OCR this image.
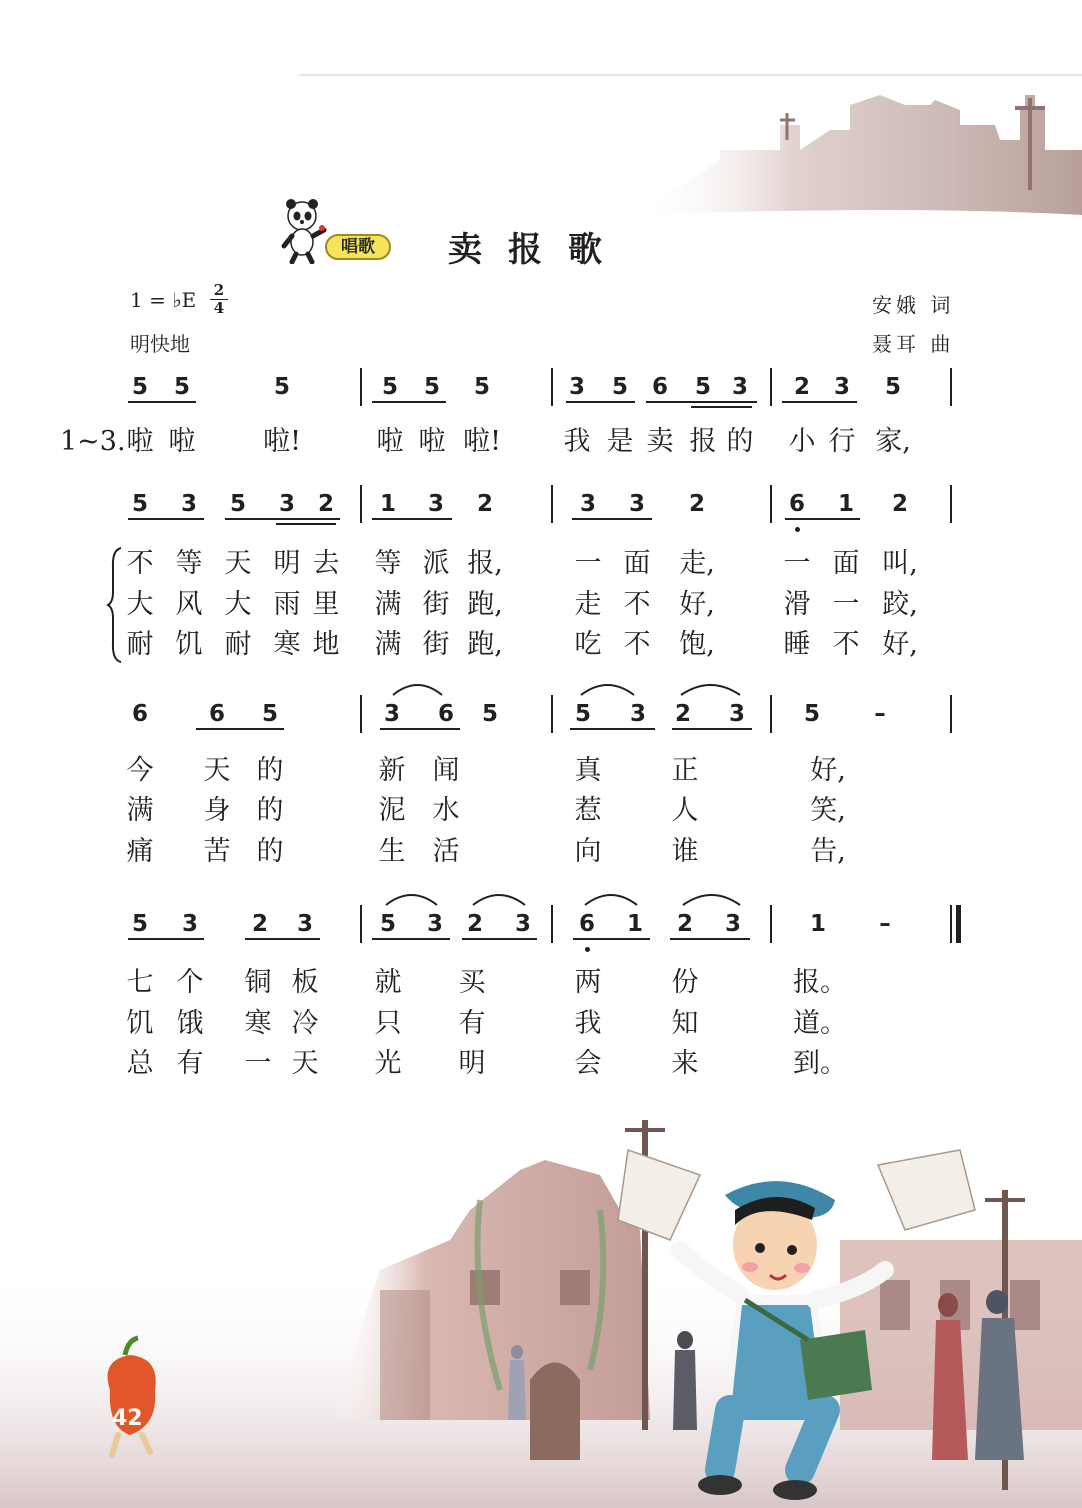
唱歌	卖报歌
1 = ♭E	2
4
明快地
安娥 词
聂耳 曲
5 5	5	5 5 5	3 5 6 5 3 2 3 5
啦 啦	啦!	啦 啦 啦! 我 是 卖 报 的 小 行 家,
5 3 5 3 2 1 3 2	3 3 2	6 1 2
不 等 天 明 去 等 派 报,	一 面 走,	一 面 叫,
大 风 大 雨 里 满 街 跑,	走 不 好,	滑 一 跤,
耐 饥 耐 寒 地 满 街 跑,	吃 不 饱,	睡 不 好,
6	6 5	3 6 5	5 3 2 3	5 –
今 天 的	新 闻	真	正	好,
满 身 的	泥 水	惹	人	笑,
痛 苦 的	生 活	向	谁	告,
5 3 2 3	5 3 2 3 6 1 2 3	1 –
七 个 铜 板 就 买	两	份	报。
饥 饿 寒 冷 只 有	我	知	道。
总 有 一 天 光 明	会	来	到。
1~3.
42
